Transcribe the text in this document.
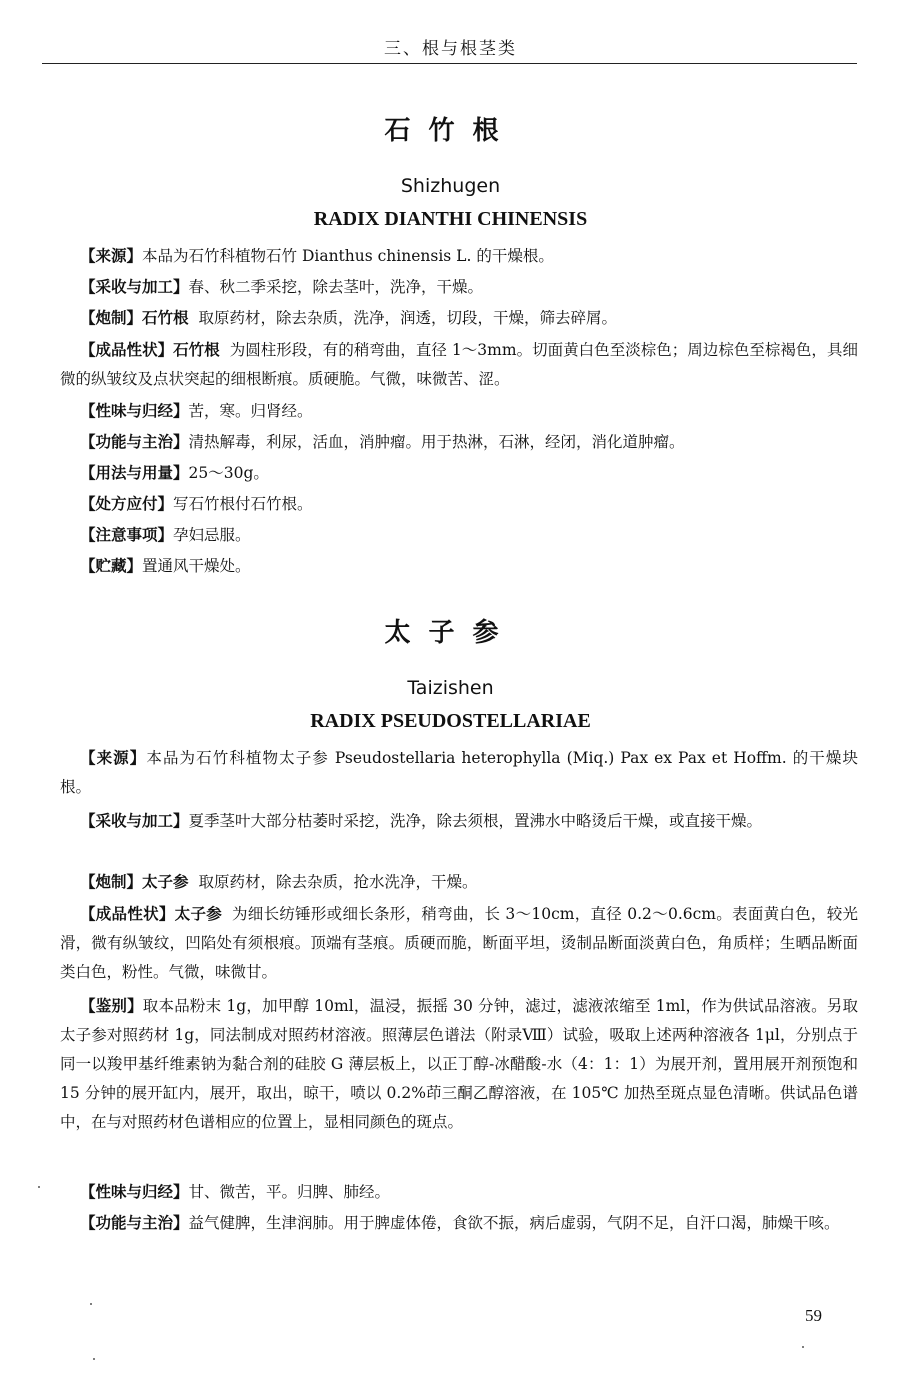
三、根与根茎类
石竹根
Shizhugen
RADIX DIANTHI CHINENSIS
【来源】本品为石竹科植物石竹 Dianthus chinensis L. 的干燥根。
【采收与加工】春、秋二季采挖，除去茎叶，洗净，干燥。
【炮制】石竹根 取原药材，除去杂质，洗净，润透，切段，干燥，筛去碎屑。
【成品性状】石竹根 为圆柱形段，有的稍弯曲，直径 1～3mm。切面黄白色至淡棕色；周边棕色至棕褐色，具细微的纵皱纹及点状突起的细根断痕。质硬脆。气微，味微苦、涩。
【性味与归经】苦，寒。归肾经。
【功能与主治】清热解毒，利尿，活血，消肿瘤。用于热淋，石淋，经闭，消化道肿瘤。
【用法与用量】25～30g。
【处方应付】写石竹根付石竹根。
【注意事项】孕妇忌服。
【贮藏】置通风干燥处。
太子参
Taizishen
RADIX PSEUDOSTELLARIAE
【来源】本品为石竹科植物太子参 Pseudostellaria heterophylla (Miq.) Pax ex Pax et Hoffm. 的干燥块根。
【采收与加工】夏季茎叶大部分枯萎时采挖，洗净，除去须根，置沸水中略烫后干燥，或直接干燥。
【炮制】太子参 取原药材，除去杂质，抢水洗净，干燥。
【成品性状】太子参 为细长纺锤形或细长条形，稍弯曲，长 3～10cm，直径 0.2～0.6cm。表面黄白色，较光滑，微有纵皱纹，凹陷处有须根痕。顶端有茎痕。质硬而脆，断面平坦，烫制品断面淡黄白色，角质样；生晒品断面类白色，粉性。气微，味微甘。
【鉴别】取本品粉末 1g，加甲醇 10ml，温浸，振摇 30 分钟，滤过，滤液浓缩至 1ml，作为供试品溶液。另取太子参对照药材 1g，同法制成对照药材溶液。照薄层色谱法（附录Ⅷ）试验，吸取上述两种溶液各 1μl，分别点于同一以羧甲基纤维素钠为黏合剂的硅胶 G 薄层板上，以正丁醇-冰醋酸-水（4：1：1）为展开剂，置用展开剂预饱和 15 分钟的展开缸内，展开，取出，晾干，喷以 0.2%茚三酮乙醇溶液，在 105℃ 加热至斑点显色清晰。供试品色谱中，在与对照药材色谱相应的位置上，显相同颜色的斑点。
【性味与归经】甘、微苦，平。归脾、肺经。
【功能与主治】益气健脾，生津润肺。用于脾虚体倦，食欲不振，病后虚弱，气阴不足，自汗口渴，肺燥干咳。
59
